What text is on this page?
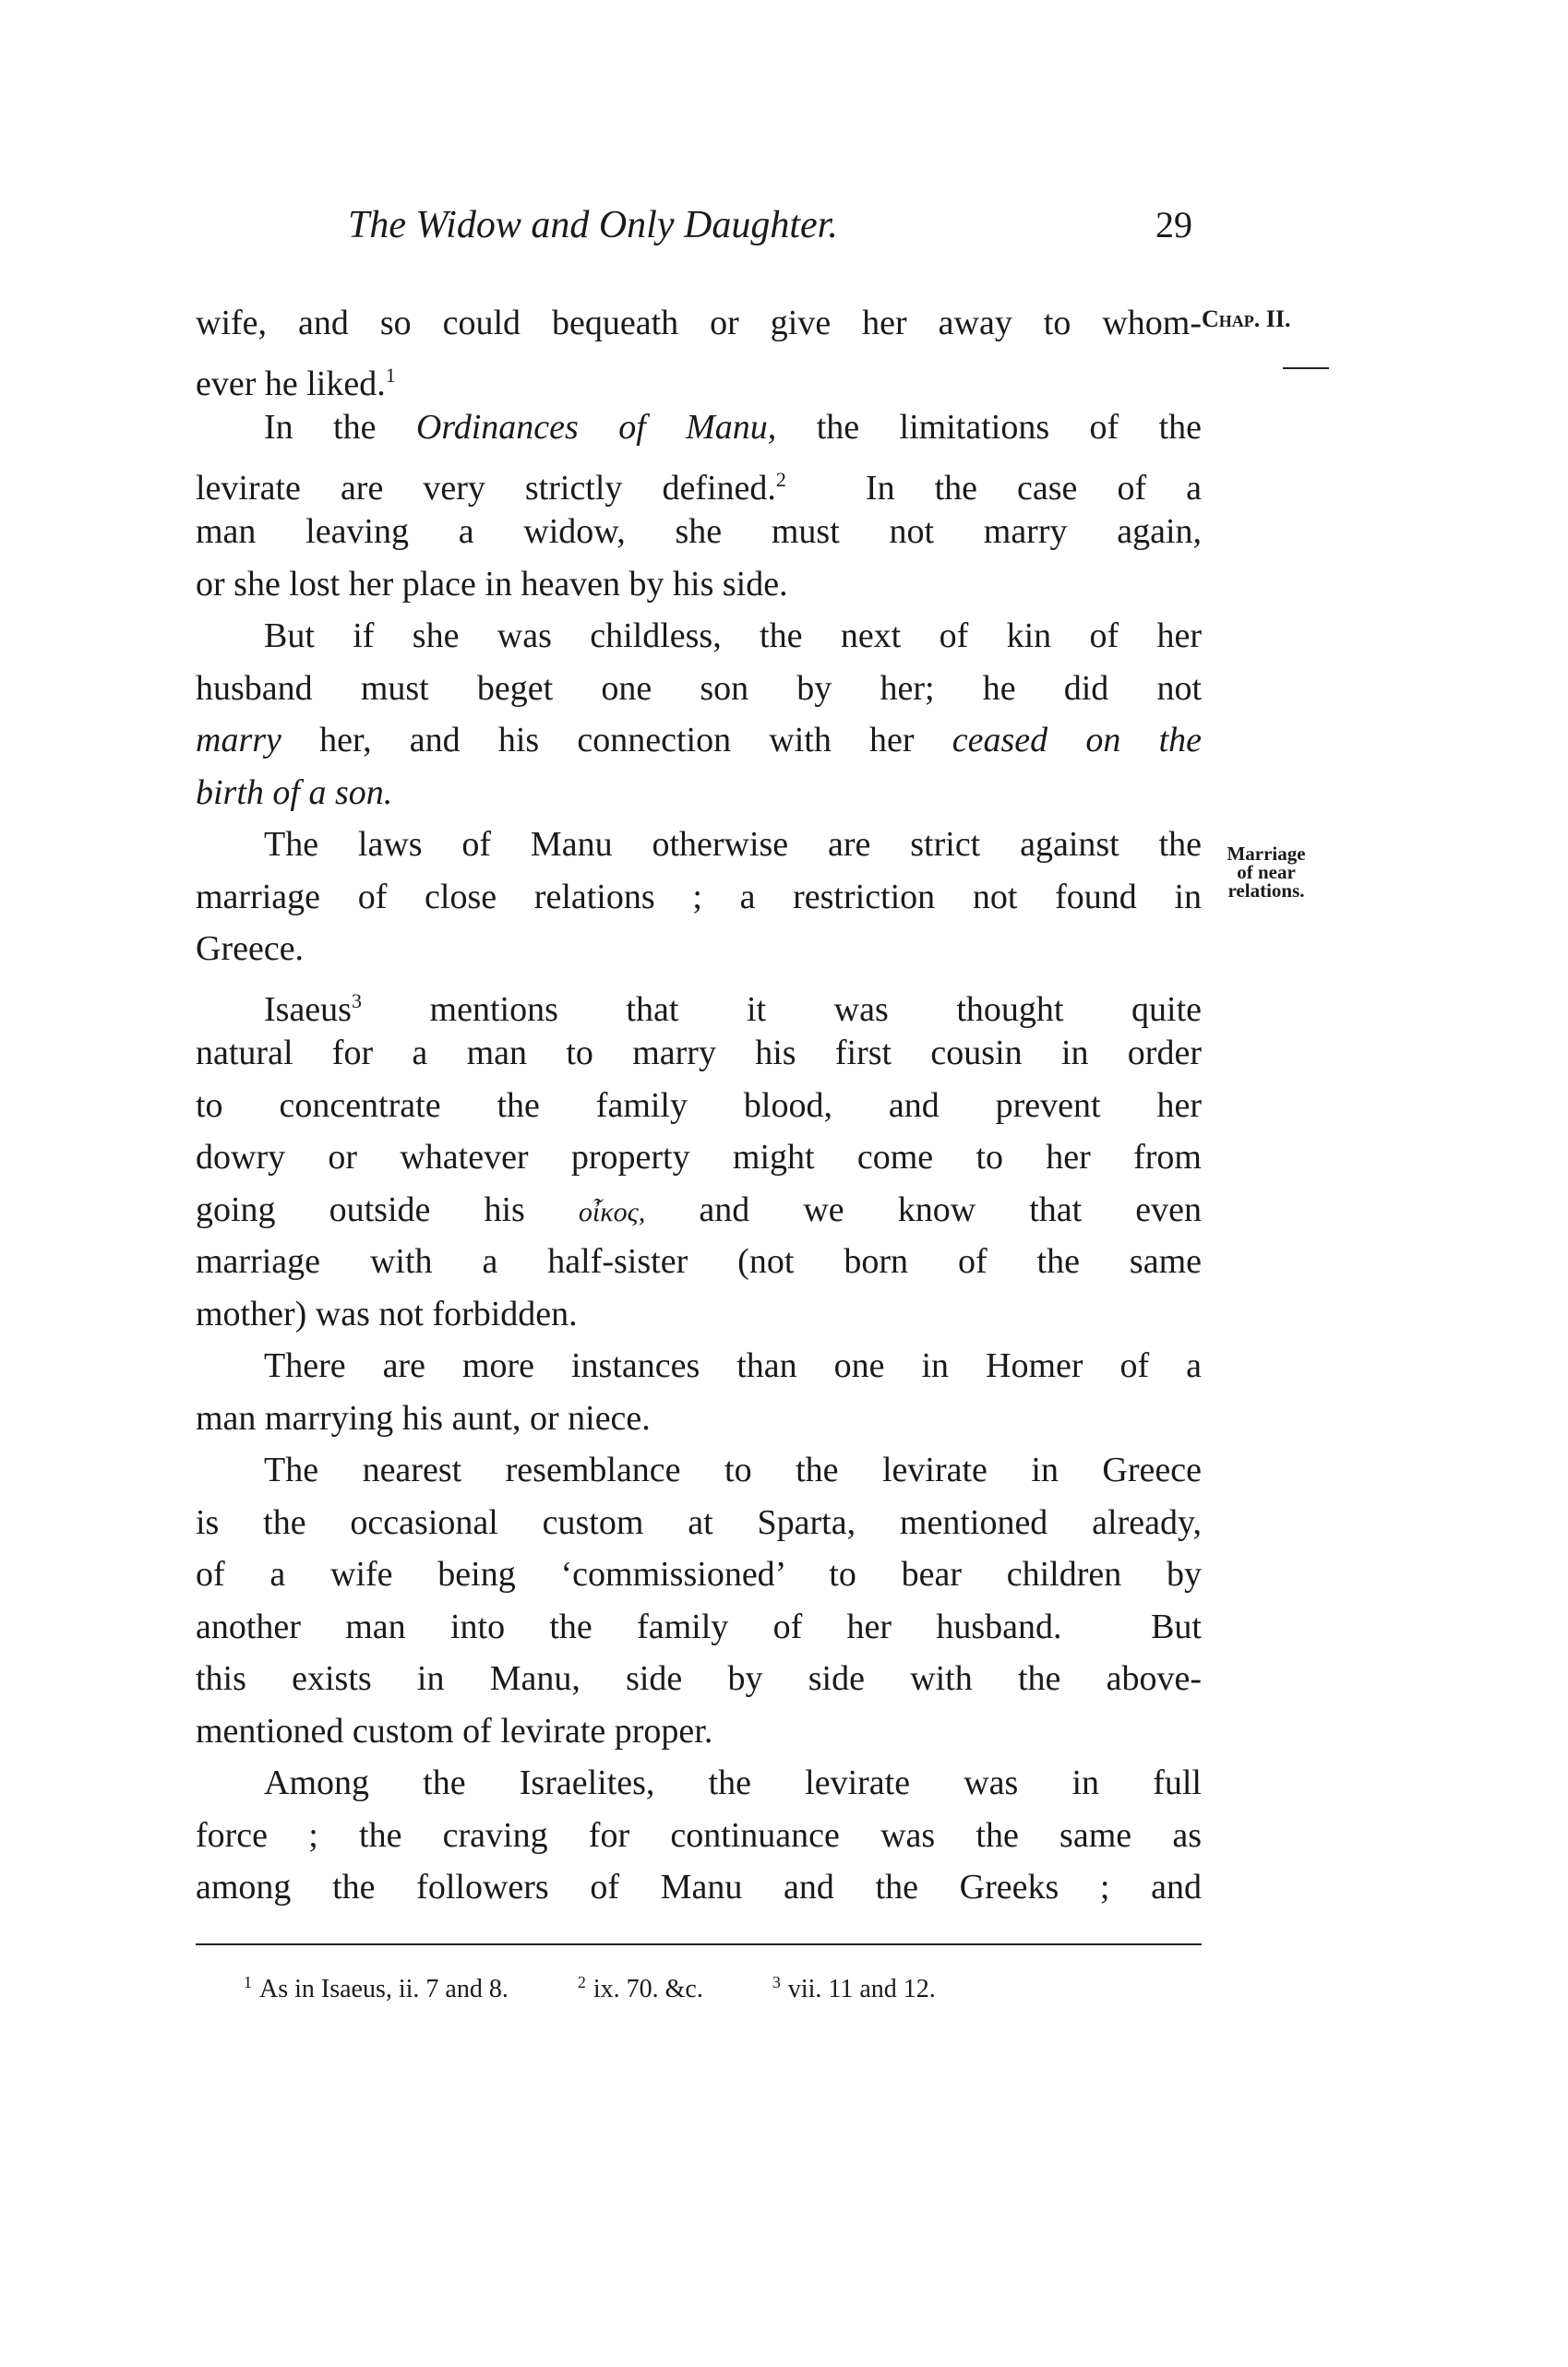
The Widow and Only Daughter.	29
Chap. II.
Marriage
of near
relations.
wife, and so could bequeath or give her away to whom-
ever he liked.$^1$
In the Ordinances of Manu, the limitations of the
levirate are very strictly defined.$^2$  In the case of a
man leaving a widow, she must not marry again,
or she lost her place in heaven by his side.
But if she was childless, the next of kin of her
husband must beget one son by her; he did not
marry her, and his connection with her ceased on the
birth of a son.
The laws of Manu otherwise are strict against the
marriage of close relations ; a restriction not found in
Greece.
Isaeus$^3$ mentions that it was thought quite
natural for a man to marry his first cousin in order
to concentrate the family blood, and prevent her
dowry or whatever property might come to her from
going outside his οἶκος, and we know that even
marriage with a half-sister (not born of the same
mother) was not forbidden.
There are more instances than one in Homer of a
man marrying his aunt, or niece.
The nearest resemblance to the levirate in Greece
is the occasional custom at Sparta, mentioned already,
of a wife being ‘commissioned’ to bear children by
another man into the family of her husband.  But
this exists in Manu, side by side with the above-
mentioned custom of levirate proper.
Among the Israelites, the levirate was in full
force ; the craving for continuance was the same as
among the followers of Manu and the Greeks ; and
$^1$ As in Isaeus, ii. 7 and 8.	$^2$ ix. 70. &c.	$^3$ vii. 11 and 12.
